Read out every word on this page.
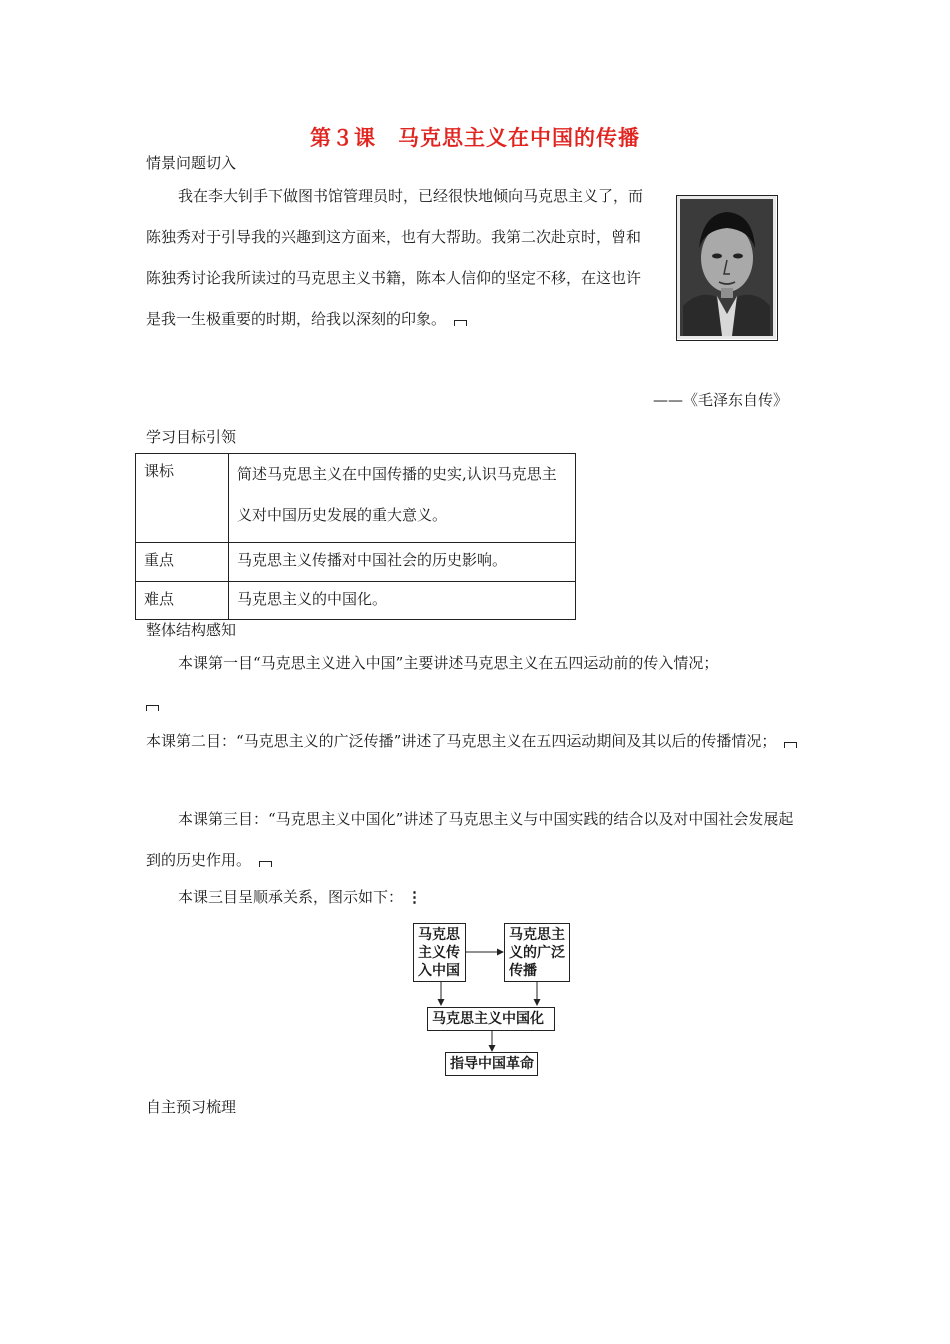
第３课　马克思主义在中国的传播
情景问题切入

我在李大钊手下做图书馆管理员时，已经很快地倾向马克思主义了，而陈独秀对于引导我的兴趣到这方面来，也有大帮助。我第二次赴京时，曾和陈独秀讨论我所读过的马克思主义书籍，陈本人信仰的坚定不移，在这也许是我一生极重要的时期，给我以深刻的印象。

——《毛泽东自传》
学习目标引领
课标	简述马克思主义在中国传播的史实,认识马克思主义对中国历史发展的重大意义。
重点	马克思主义传播对中国社会的历史影响。
难点	马克思主义的中国化。
整体结构感知

本课第一目“马克思主义进入中国”主要讲述马克思主义在五四运动前的传入情况；

本课第二目：“马克思主义的广泛传播”讲述了马克思主义在五四运动期间及其以后的传播情况；

本课第三目：“马克思主义中国化”讲述了马克思主义与中国实践的结合以及对中国社会发展起到的历史作用。

本课三目呈顺承关系，图示如下： ⋮
马克思主义传入中国
马克思主义的广泛传播
马克思主义中国化
指导中国革命
自主预习梳理
